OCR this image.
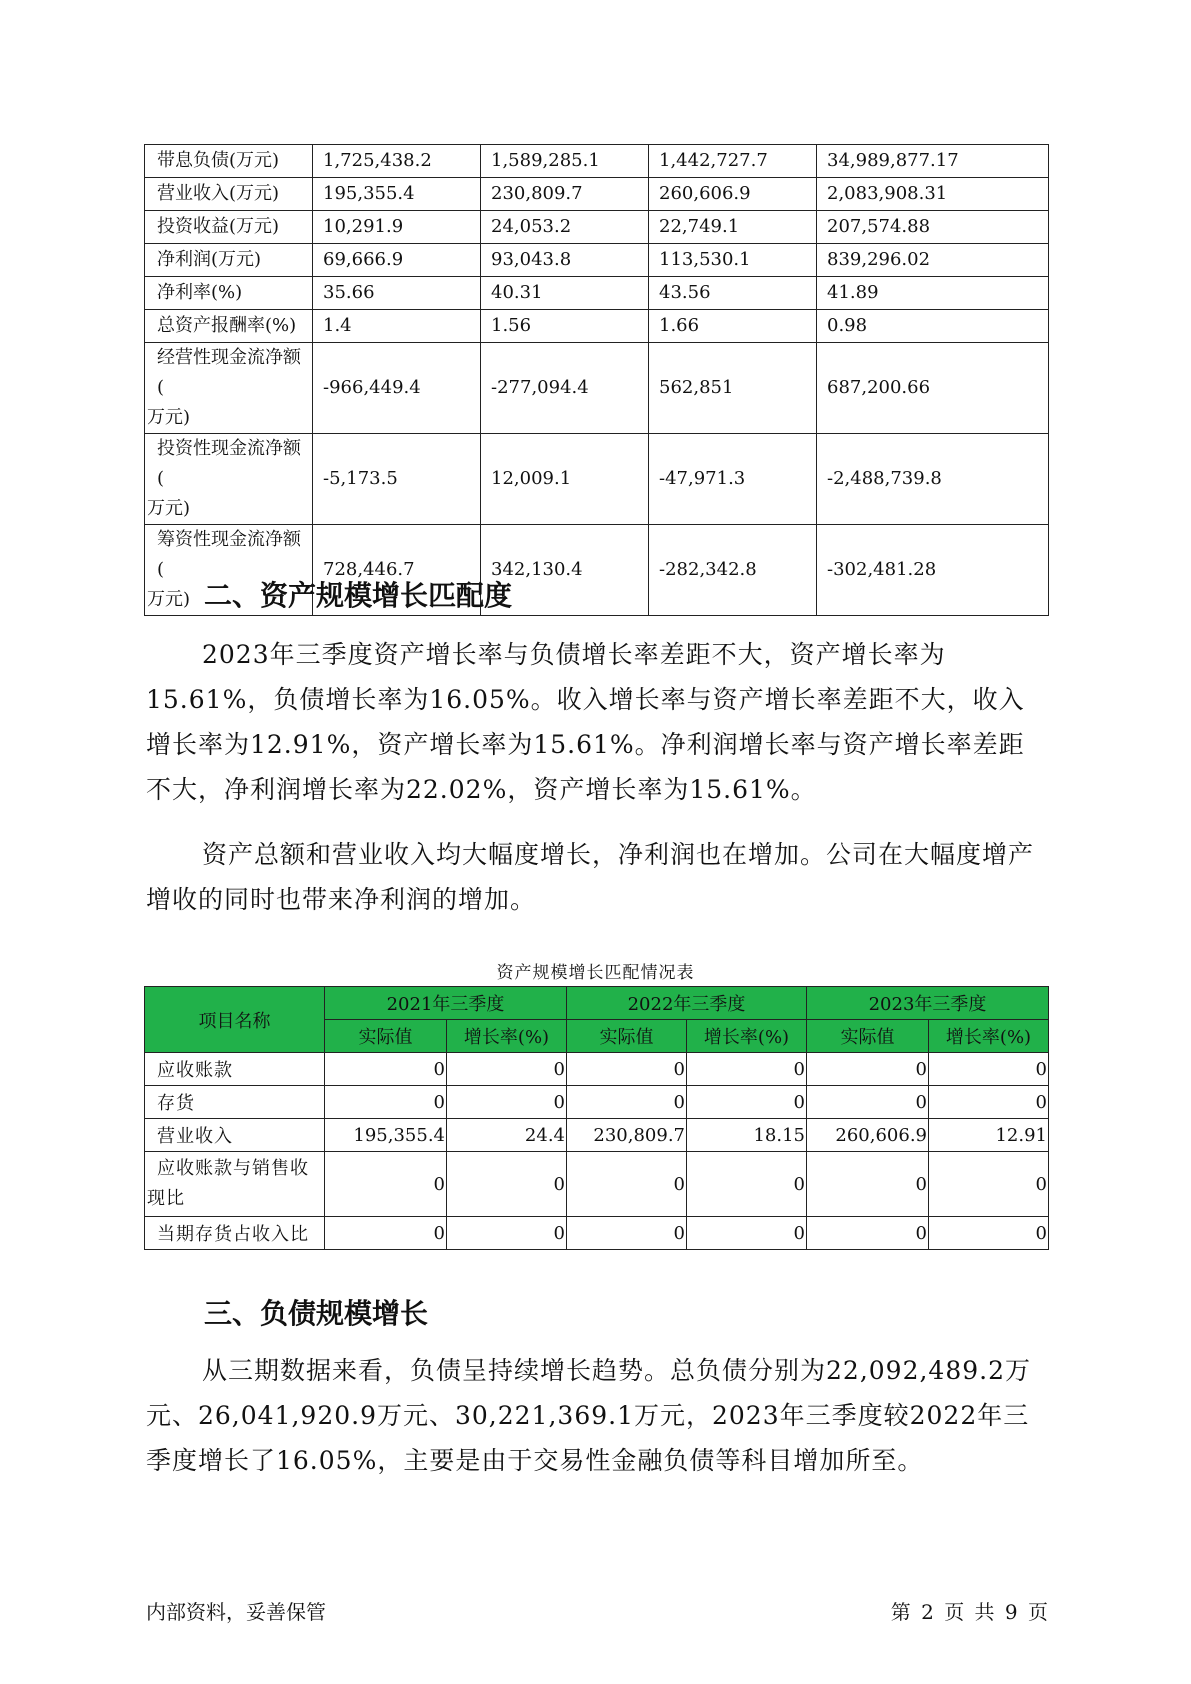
带息负债(万元)	1,725,438.2	1,589,285.1	1,442,727.7	34,989,877.17
营业收入(万元)	195,355.4	230,809.7	260,606.9	2,083,908.31
投资收益(万元)	10,291.9	24,053.2	22,749.1	207,574.88
净利润(万元)	69,666.9	93,043.8	113,530.1	839,296.02
净利率(%)	35.66	40.31	43.56	41.89
总资产报酬率(%)	1.4	1.56	1.66	0.98

经营性现金流净额(
万元)	-966,449.4	-277,094.4	562,851	687,200.66

投资性现金流净额(
万元)	-5,173.5	12,009.1	-47,971.3	-2,488,739.8

筹资性现金流净额(
万元)	728,446.7	342,130.4	-282,342.8	-302,481.28
二、资产规模增长匹配度

2023年三季度资产增长率与负债增长率差距不大，资产增长率为15.61%，负债增长率为16.05%。收入增长率与资产增长率差距不大，收入增长率为12.91%，资产增长率为15.61%。净利润增长率与资产增长率差距不大，净利润增长率为22.02%，资产增长率为15.61%。

资产总额和营业收入均大幅度增长，净利润也在增加。公司在大幅度增产增收的同时也带来净利润的增加。

资产规模增长匹配情况表
项目名称	2021年三季度		2022年三季度		2023年三季度	
	实际值	增长率(%)	实际值	增长率(%)	实际值	增长率(%)
应收账款	0	0	0	0	0	0
存货	0	0	0	0	0	0
营业收入	195,355.4	24.4	230,809.7	18.15	260,606.9	12.91

应收账款与销售收
现比	0	0	0	0	0	0
当期存货占收入比	0	0	0	0	0	0
三、负债规模增长

从三期数据来看，负债呈持续增长趋势。总负债分别为22,092,489.2万元、26,041,920.9万元、30,221,369.1万元，2023年三季度较2022年三季度增长了16.05%，主要是由于交易性金融负债等科目增加所至。

内部资料，妥善保管	第 2 页 共 9 页
